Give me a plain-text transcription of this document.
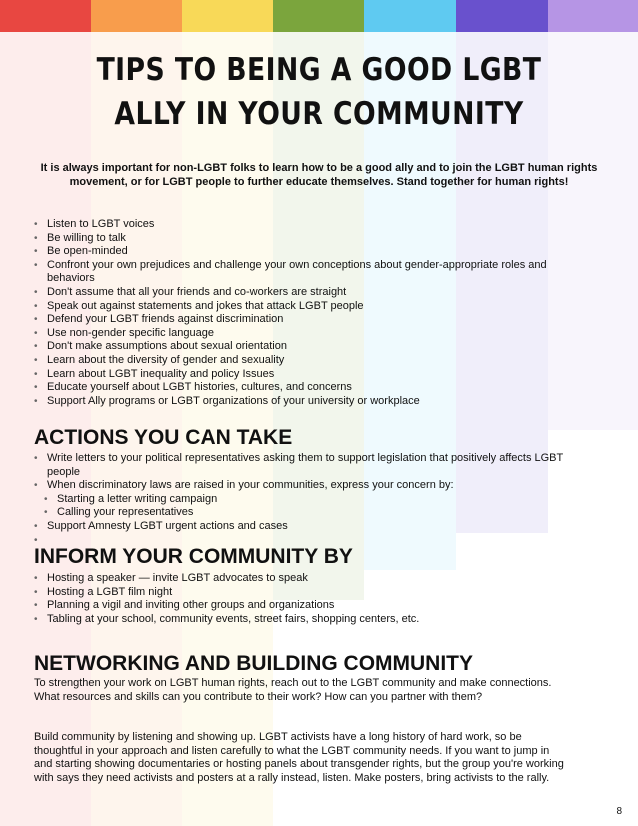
TIPS TO BEING A GOOD LGBT
ALLY IN YOUR COMMUNITY
It is always important for non-LGBT folks to learn how to be a good ally and to join the LGBT human rights movement, or for LGBT people to further educate themselves. Stand together for human rights!
• Listen to LGBT voices
• Be willing to talk
• Be open-minded
• Confront your own prejudices and challenge your own conceptions about gender-appropriate roles and behaviors
• Don't assume that all your friends and co-workers are straight
• Speak out against statements and jokes that attack LGBT people
• Defend your LGBT friends against discrimination
• Use non-gender specific language
• Don't make assumptions about sexual orientation
• Learn about the diversity of gender and sexuality
• Learn about LGBT inequality and policy Issues
• Educate yourself about LGBT histories, cultures, and concerns
• Support Ally programs or LGBT organizations of your university or workplace
ACTIONS YOU CAN TAKE
• Write letters to your political representatives asking them to support legislation that positively affects LGBT people
• When discriminatory laws are raised in your communities, express your concern by:
• Starting a letter writing campaign
• Calling your representatives
• Support Amnesty LGBT urgent actions and cases
•

INFORM YOUR COMMUNITY BY
• Hosting a speaker — invite LGBT advocates to speak
• Hosting a LGBT film night
• Planning a vigil and inviting other groups and organizations
• Tabling at your school, community events, street fairs, shopping centers, etc.
NETWORKING AND BUILDING COMMUNITY
To strengthen your work on LGBT human rights, reach out to the LGBT community and make connections. What resources and skills can you contribute to their work? How can you partner with them?
Build community by listening and showing up. LGBT activists have a long history of hard work, so be thoughtful in your approach and listen carefully to what the LGBT community needs. If you want to jump in and starting showing documentaries or hosting panels about transgender rights, but the group you're working with says they need activists and posters at a rally instead, listen. Make posters, bring activists to the rally.
8
